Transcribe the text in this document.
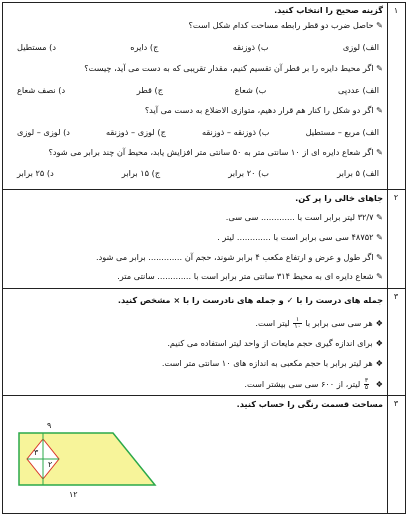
۱
۲
۳
۳
گزینه صحیح را انتخاب کنید.
✎ حاصل ضرب دو قطر رابطه مساحت کدام شکل است؟
الف) لوزی
ب) ذوزنقه
ج) دایره
د) مستطیل
✎ اگر محیط دایره را بر قطر آن تقسیم کنیم، مقدار تقریبی که به دست می آید، چیست؟
الف) عددپی
ب) شعاع
ج) قطر
د) نصف شعاع
✎ اگر دو شکل را کنار هم قرار دهیم، متوازی الاضلاع به دست می آید؟
الف) مربع – مستطیل
ب) ذوزنقه – ذوزنقه
ج) لوزی – ذوزنقه
د) لوزی – لوزی
✎ اگر شعاع دایره ای از ۱۰ سانتی متر به ۵۰ سانتی متر افزایش یابد، محیط آن چند برابر می شود؟
الف) ۵ برابر
ب) ۲۰ برابر
ج) ۱۵ برابر
د) ۲۵ برابر
جاهای خالی را پر کن.
✎ ۳۲/۷ لیتر برابر است با ............. سی سی.
✎ ۴۸۷۵۲ سی سی برابر است با ............. لیتر .
✎ اگر طول و عرض و ارتفاع مکعب ۴ برابر شوند، حجم آن ............. برابر می شود.
✎ شعاع دایره ای به محیط ۳۱۴ سانتی متر برابر است با ............. سانتی متر.
جمله های درست را با ✓ و جمله های نادرست را با × مشخص کنید.
❖هر سی سی برابر با
$\frac{۱}{۱۰}$
لیتر است.
❖برای اندازه گیری حجم مایعات از واحد لیتر استفاده می کنیم.
❖هر لیتر برابر با حجم مکعبی به اندازه های ۱۰ سانتی متر است.
❖
$\frac{۳}{۵}$
لیتر، از ۶۰۰ سی سی بیشتر است.
مساحت قسمت رنگی را حساب کنید.
۹
۳
۲
۱۲
